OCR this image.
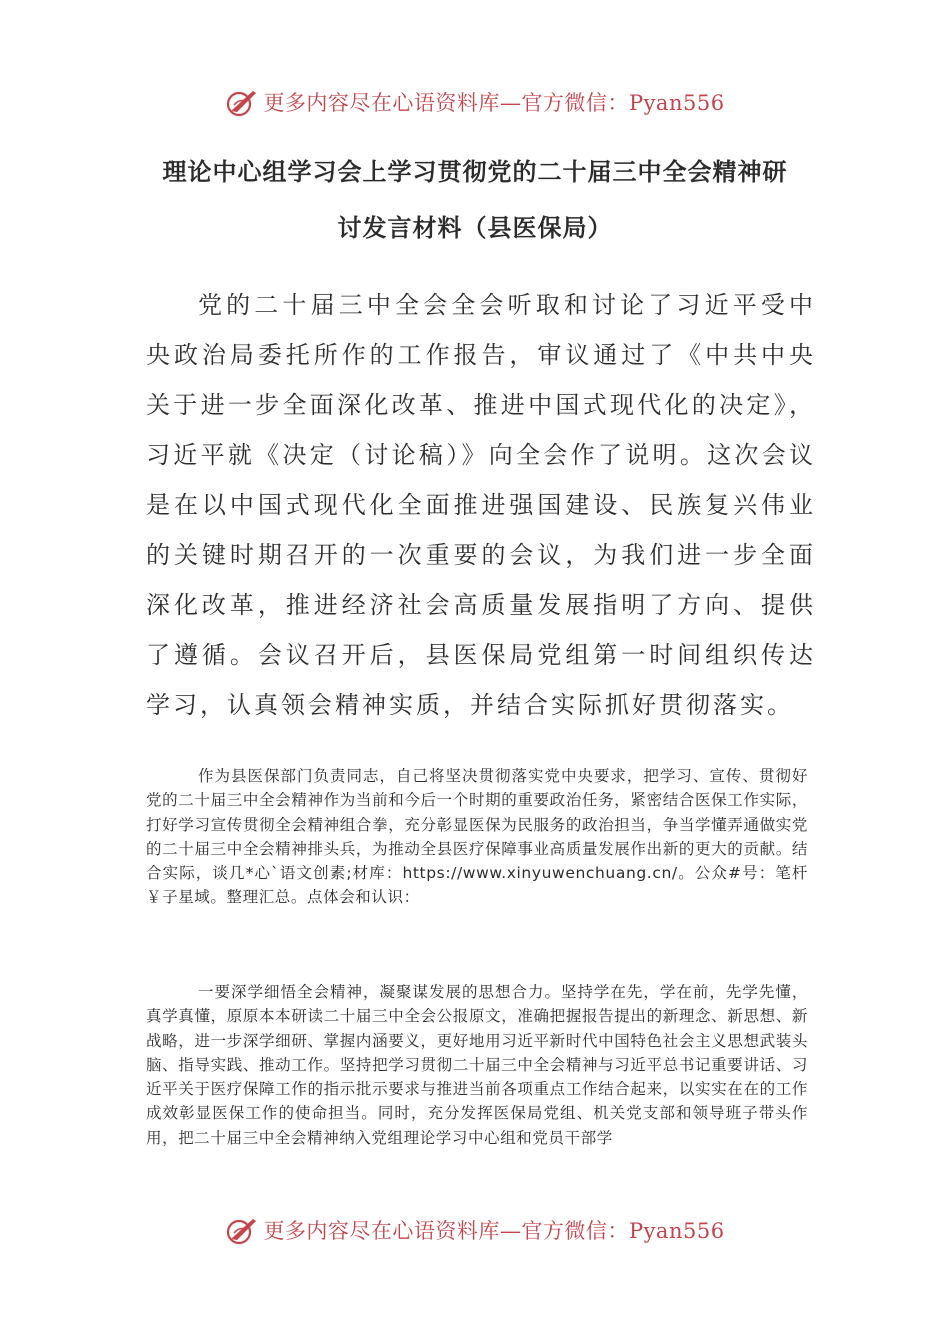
更多内容尽在心语资料库—官方微信：Pyan556
理论中心组学习会上学习贯彻党的二十届三中全会精神研
讨发言材料（县医保局）
党的二十届三中全会全会听取和讨论了习近平受中央政治局委托所作的工作报告，审议通过了《中共中央关于进一步全面深化改革、推进中国式现代化的决定》，习近平就《决定（讨论稿）》向全会作了说明。这次会议是在以中国式现代化全面推进强国建设、民族复兴伟业的关键时期召开的一次重要的会议，为我们进一步全面深化改革，推进经济社会高质量发展指明了方向、提供了遵循。会议召开后，县医保局党组第一时间组织传达学习，认真领会精神实质，并结合实际抓好贯彻落实。

作为县医保部门负责同志，自己将坚决贯彻落实党中央要求，把学习、宣传、贯彻好党的二十届三中全会精神作为当前和今后一个时期的重要政治任务，紧密结合医保工作实际，打好学习宣传贯彻全会精神组合拳，充分彰显医保为民服务的政治担当，争当学懂弄通做实党的二十届三中全会精神排头兵，为推动全县医疗保障事业高质量发展作出新的更大的贡献。结合实际，谈几*心`语文创素;材库：https://www.xinyuwenchuang.cn/。公众#号：笔杆￥子星域。整理汇总。点体会和认识：

一要深学细悟全会精神，凝聚谋发展的思想合力。坚持学在先，学在前，先学先懂，真学真懂，原原本本研读二十届三中全会公报原文，准确把握报告提出的新理念、新思想、新战略，进一步深学细研、掌握内涵要义，更好地用习近平新时代中国特色社会主义思想武装头脑、指导实践、推动工作。坚持把学习贯彻二十届三中全会精神与习近平总书记重要讲话、习近平关于医疗保障工作的指示批示要求与推进当前各项重点工作结合起来，以实实在在的工作成效彰显医保工作的使命担当。同时，充分发挥医保局党组、机关党支部和领导班子带头作用，把二十届三中全会精神纳入党组理论学习中心组和党员干部学

更多内容尽在心语资料库—官方微信：Pyan556
